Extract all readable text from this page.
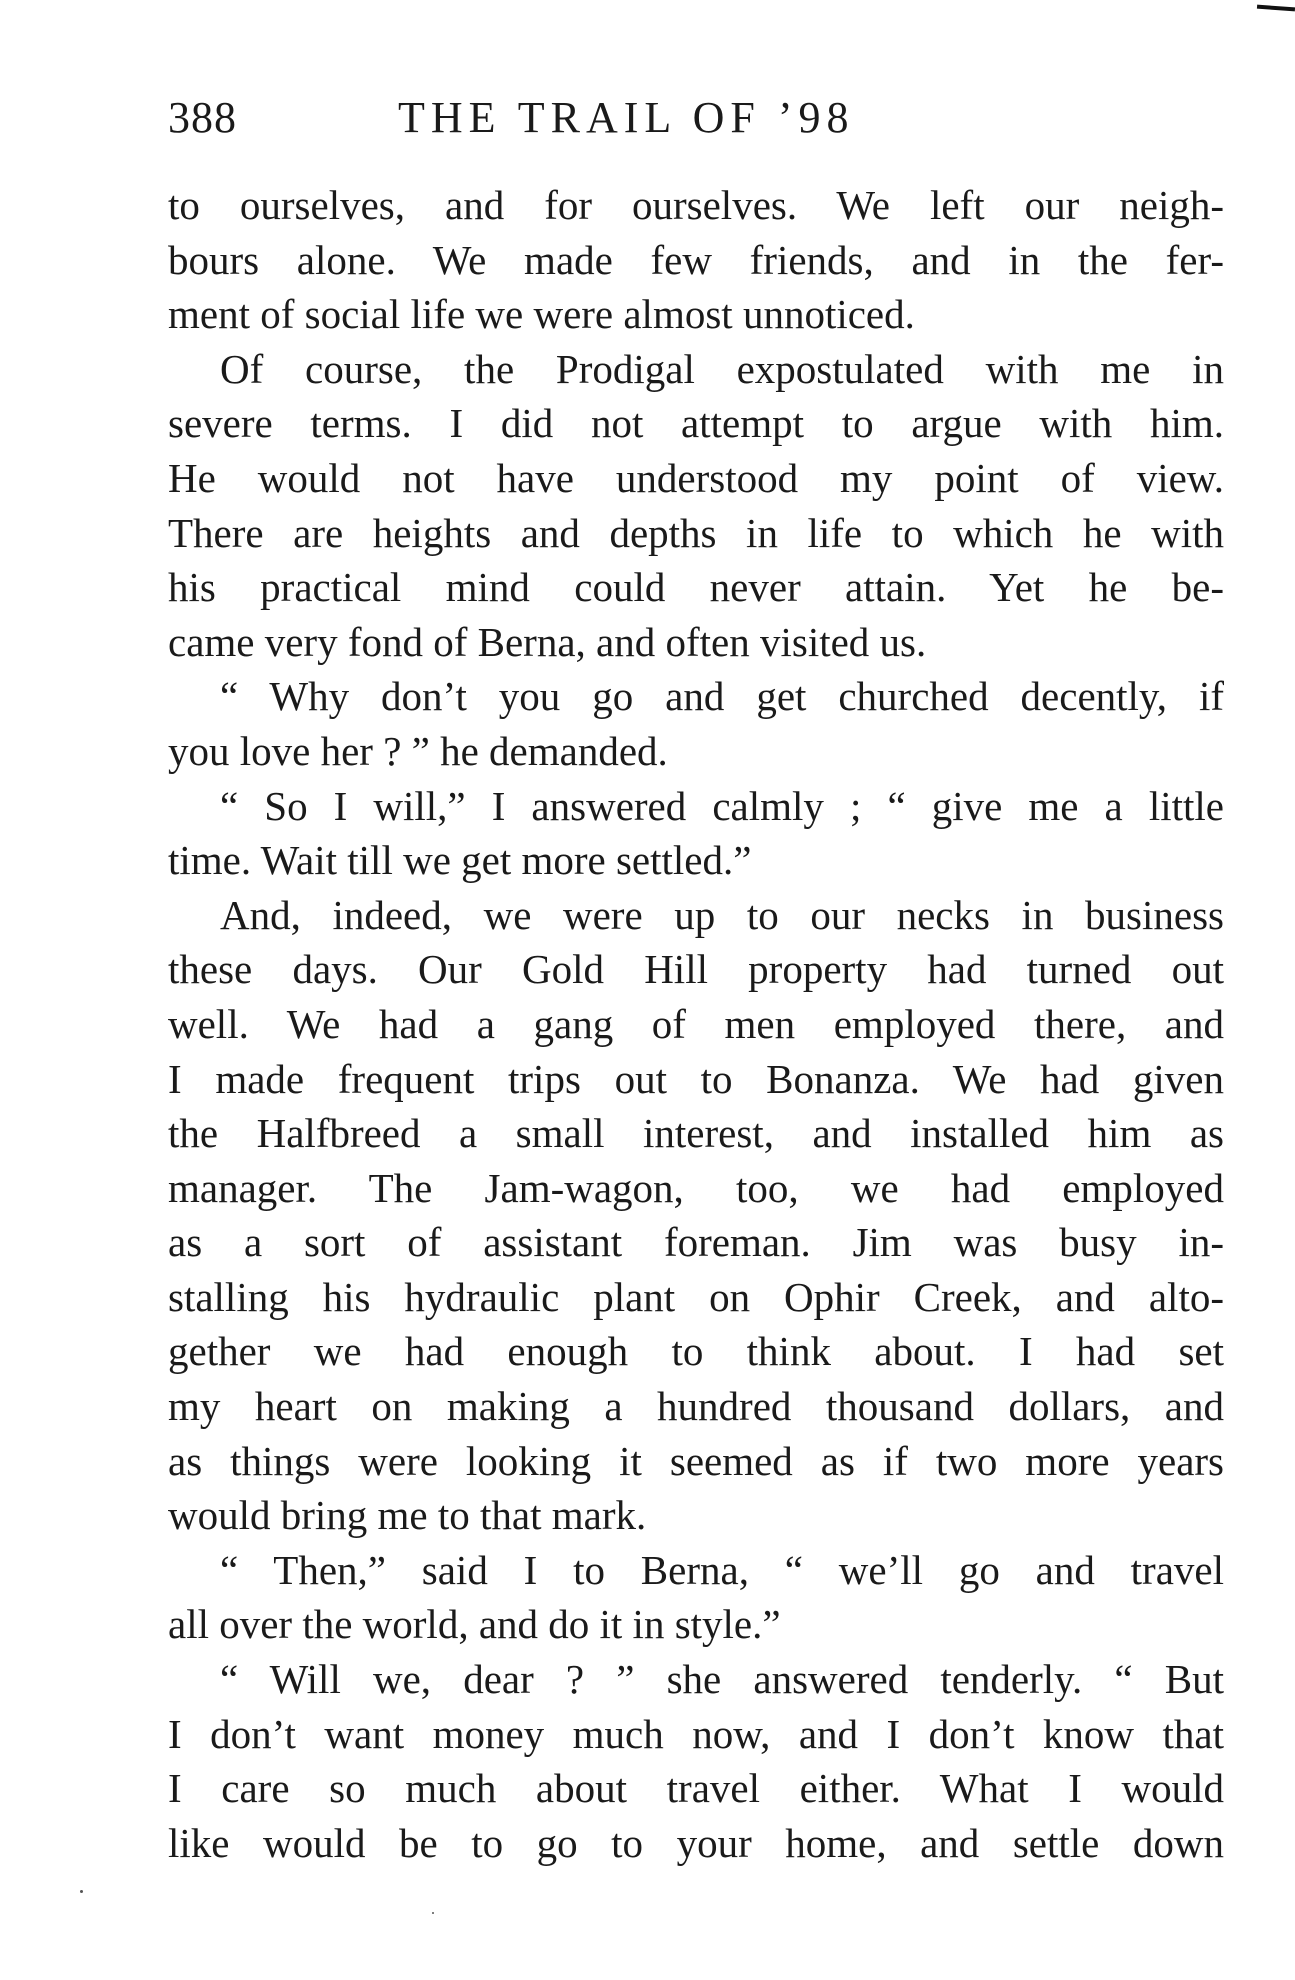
388	THE TRAIL OF ’98
to ourselves, and for ourselves. We left our neigh-
bours alone. We made few friends, and in the fer-
ment of social life we were almost unnoticed.
Of course, the Prodigal expostulated with me in
severe terms. I did not attempt to argue with him.
He would not have understood my point of view.
There are heights and depths in life to which he with
his practical mind could never attain. Yet he be-
came very fond of Berna, and often visited us.
“ Why don’t you go and get churched decently, if
you love her ? ” he demanded.
“ So I will,” I answered calmly ; “ give me a little
time. Wait till we get more settled.”
And, indeed, we were up to our necks in business
these days. Our Gold Hill property had turned out
well. We had a gang of men employed there, and
I made frequent trips out to Bonanza. We had given
the Halfbreed a small interest, and installed him as
manager. The Jam-wagon, too, we had employed
as a sort of assistant foreman. Jim was busy in-
stalling his hydraulic plant on Ophir Creek, and alto-
gether we had enough to think about. I had set
my heart on making a hundred thousand dollars, and
as things were looking it seemed as if two more years
would bring me to that mark.
“ Then,” said I to Berna, “ we’ll go and travel
all over the world, and do it in style.”
“ Will we, dear ? ” she answered tenderly. “ But
I don’t want money much now, and I don’t know that
I care so much about travel either. What I would
like would be to go to your home, and settle down
